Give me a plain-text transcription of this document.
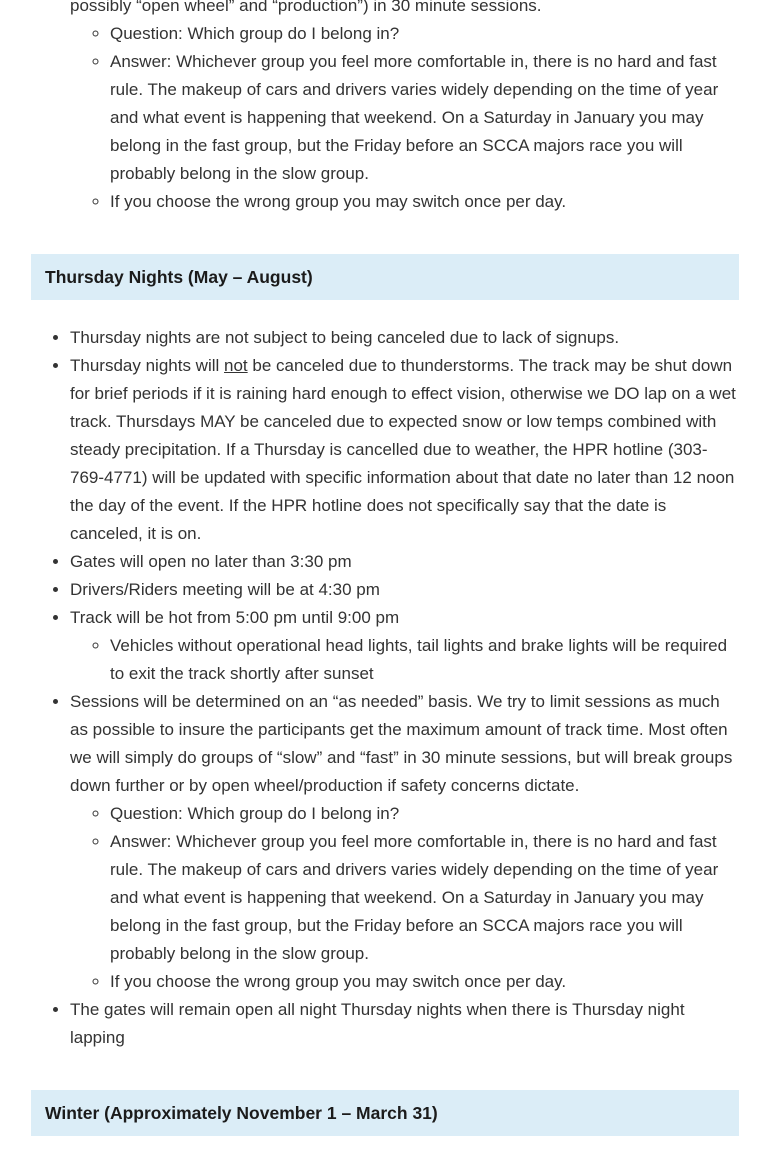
possibly “open wheel” and “production”) in 30 minute sessions.
◦ Question: Which group do I belong in?
◦ Answer: Whichever group you feel more comfortable in, there is no hard and fast rule. The makeup of cars and drivers varies widely depending on the time of year and what event is happening that weekend. On a Saturday in January you may belong in the fast group, but the Friday before an SCCA majors race you will probably belong in the slow group.
◦ If you choose the wrong group you may switch once per day.
Thursday Nights (May – August)
• Thursday nights are not subject to being canceled due to lack of signups.
• Thursday nights will not be canceled due to thunderstorms. The track may be shut down for brief periods if it is raining hard enough to effect vision, otherwise we DO lap on a wet track. Thursdays MAY be canceled due to expected snow or low temps combined with steady precipitation. If a Thursday is cancelled due to weather, the HPR hotline (303-769-4771) will be updated with specific information about that date no later than 12 noon the day of the event. If the HPR hotline does not specifically say that the date is canceled, it is on.
• Gates will open no later than 3:30 pm
• Drivers/Riders meeting will be at 4:30 pm
• Track will be hot from 5:00 pm until 9:00 pm
◦ Vehicles without operational head lights, tail lights and brake lights will be required to exit the track shortly after sunset
• Sessions will be determined on an “as needed” basis. We try to limit sessions as much as possible to insure the participants get the maximum amount of track time. Most often we will simply do groups of “slow” and “fast” in 30 minute sessions, but will break groups down further or by open wheel/production if safety concerns dictate.
◦ Question: Which group do I belong in?
◦ Answer: Whichever group you feel more comfortable in, there is no hard and fast rule. The makeup of cars and drivers varies widely depending on the time of year and what event is happening that weekend. On a Saturday in January you may belong in the fast group, but the Friday before an SCCA majors race you will probably belong in the slow group.
◦ If you choose the wrong group you may switch once per day.
• The gates will remain open all night Thursday nights when there is Thursday night lapping
Winter (Approximately November 1 – March 31)
